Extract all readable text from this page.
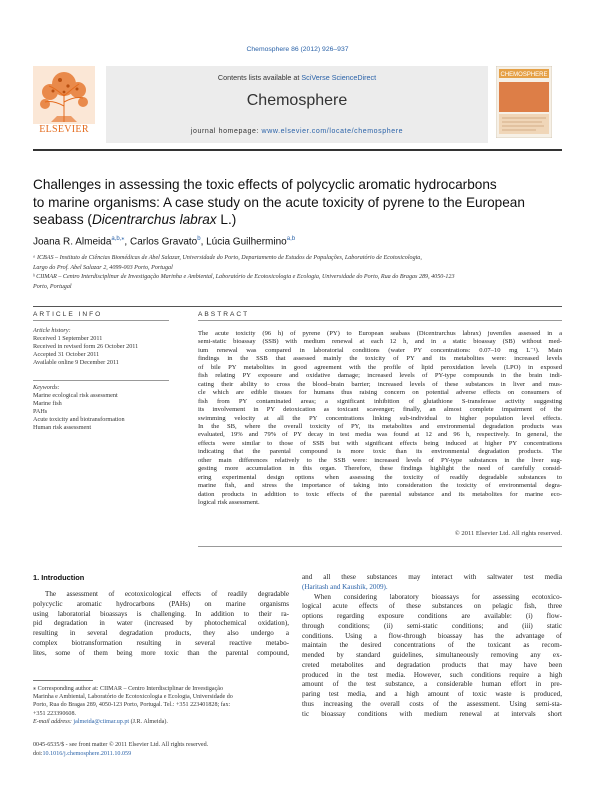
Chemosphere 86 (2012) 926–937
ELSEVIER
Contents lists available at SciVerse ScienceDirect
Chemosphere
journal homepage: www.elsevier.com/locate/chemosphere
CHEMOSPHERE
Challenges in assessing the toxic effects of polycyclic aromatic hydrocarbons
to marine organisms: A case study on the acute toxicity of pyrene to the European
seabass (Dicentrarchus labrax L.)
Joana R. Almeida$^{a,b,⁎}$, Carlos Gravato$^b$, Lúcia Guilhermino$^{a,b}$
ᵃ ICBAS – Instituto de Ciências Biomédicas de Abel Salazar, Universidade do Porto, Departamento de Estudos de Populações, Laboratório de Ecotoxicologia,
Largo do Prof. Abel Salazar 2, 4099-003 Porto, Portugal
ᵇ CIIMAR – Centro Interdisciplinar de Investigação Marinha e Ambiental, Laboratório de Ecotoxicologia e Ecologia, Universidade do Porto, Rua do Bragas 289, 4050-123
Porto, Portugal
ARTICLE INFO	ABSTRACT
Article history:
Received 1 September 2011
Received in revised form 26 October 2011
Accepted 31 October 2011
Available online 9 December 2011
Keywords:
Marine ecological risk assessment
Marine fish
PAHs
Acute toxicity and biotransformation
Human risk assessment
The acute toxicity (96 h) of pyrene (PY) to European seabass (Dicentrarchus labrax) juveniles assessed in a
semi-static bioassay (SSB) with medium renewal at each 12 h, and in a static bioassay (SB) without med-
ium renewal was compared in laboratorial conditions (water PY concentrations: 0.07–10 mg L⁻¹). Main
findings in the SSB that assessed mainly the toxicity of PY and its metabolites were: increased levels
of bile PY metabolites in good agreement with the profile of lipid peroxidation levels (LPO) in exposed
fish relating PY exposure and oxidative damage; increased levels of PY-type compounds in the brain indi-
cating their ability to cross the blood–brain barrier; increased levels of these substances in liver and mus-
cle which are edible tissues for humans thus raising concern on potential adverse effects on consumers of
fish from PY contaminated areas; a significant inhibition of glutathione S-transferase activity suggesting
its involvement in PY detoxication as toxicant scavenger; finally, an almost complete impairment of the
swimming velocity at all the PY concentrations linking sub-individual to higher population level effects.
In the SB, where the overall toxicity of PY, its metabolites and environmental degradation products was
evaluated, 19% and 79% of PY decay in test media was found at 12 and 96 h, respectively. In general, the
effects were similar to those of SSB but with significant effects being induced at higher PY concentrations
indicating that the parental compound is more toxic than its environmental degradation products. The
other main differences relatively to the SSB were: increased levels of PY-type substances in the liver sug-
gesting more accumulation in this organ. Therefore, these findings highlight the need of carefully consid-
ering experimental design options when assessing the toxicity of readily degradable substances to
marine fish, and stress the importance of taking into consideration the toxicity of environmental degra-
dation products in addition to toxic effects of the parental substance and its metabolites for marine eco-
logical risk assessment.
© 2011 Elsevier Ltd. All rights reserved.
1. Introduction
The assessment of ecotoxicological effects of readily degradable
polycyclic aromatic hydrocarbons (PAHs) on marine organisms
using laboratorial bioassays is challenging. In addition to their ra-
pid degradation in water (increased by photochemical oxidation),
resulting in several degradation products, they also undergo a
complex biotransformation resulting in several reactive metabo-
lites, some of them being more toxic than the parental compound,
and all these substances may interact with saltwater test media
(Haritash and Kaushik, 2009).
When considering laboratory bioassays for assessing ecotoxico-
logical acute effects of these substances on pelagic fish, three
options regarding exposure conditions are available: (i) flow-
through conditions; (ii) semi-static conditions; and (iii) static
conditions. Using a flow-through bioassay has the advantage of
maintain the desired concentrations of the toxicant as recom-
mended by standard guidelines, simultaneously removing any ex-
creted metabolites and degradation products that may have been
produced in the test media. However, such conditions require a high
amount of the test substance, a considerable human effort in pre-
paring test media, and a high amount of toxic waste is produced,
thus increasing the overall costs of the assessment. Using semi-sta-
tic bioassay conditions with medium renewal at intervals short
⁎ Corresponding author at: CIIMAR – Centro Interdisciplinar de Investigação
Marinha e Ambiental, Laboratório de Ecotoxicologia e Ecologia, Universidade do
Porto, Rua do Bragas 289, 4050-123 Porto, Portugal. Tel.: +351 223401828; fax:
+351 223390608.
E-mail address: jalmeida@ciimar.up.pt (J.R. Almeida).
0045-6535/$ - see front matter © 2011 Elsevier Ltd. All rights reserved.
doi:10.1016/j.chemosphere.2011.10.059
